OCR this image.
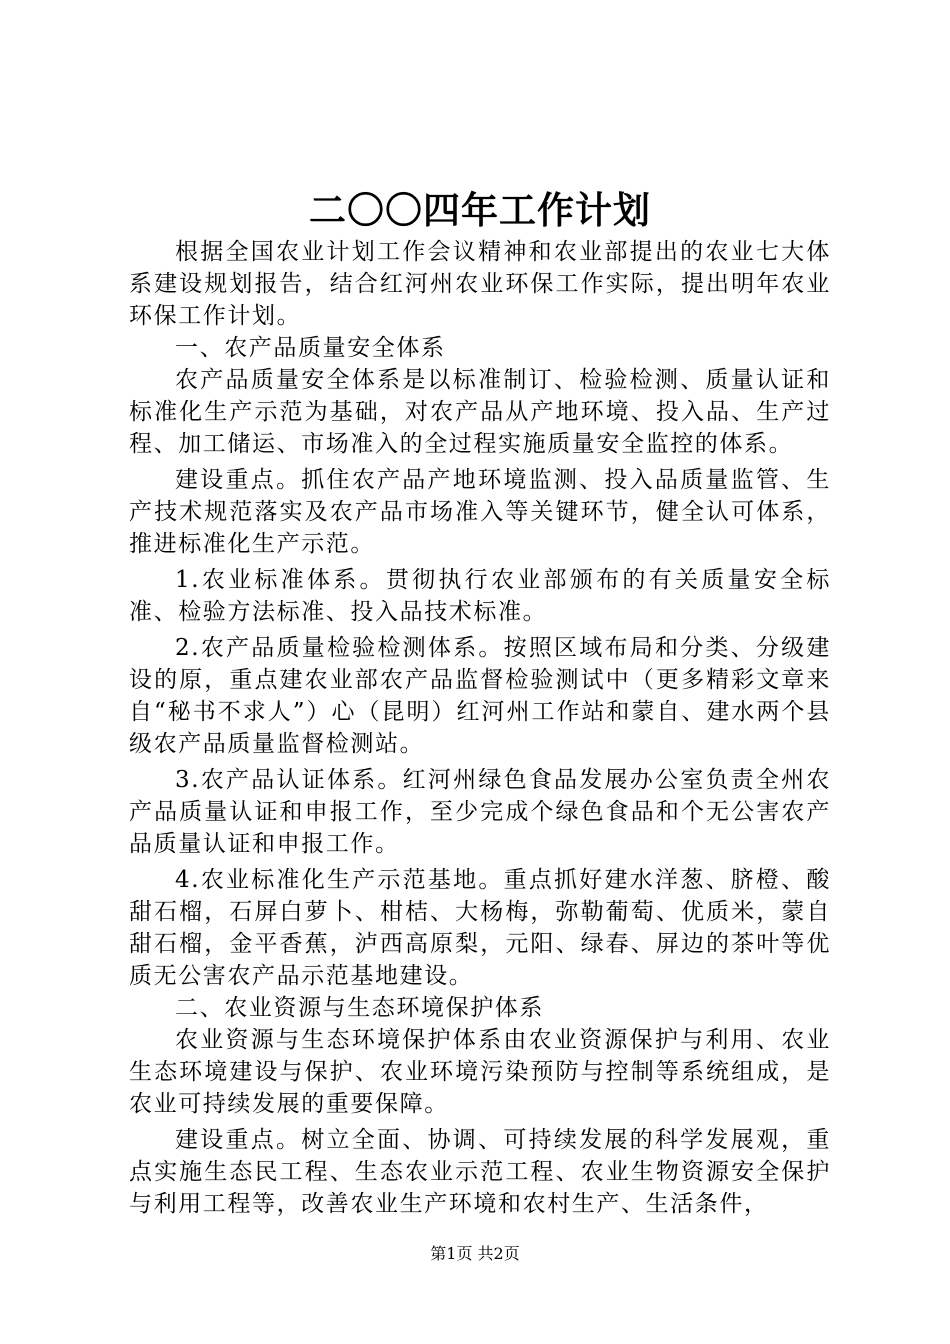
二〇〇四年工作计划

根据全国农业计划工作会议精神和农业部提出的农业七大体系建设规划报告，结合红河州农业环保工作实际，提出明年农业环保工作计划。

一、农产品质量安全体系

农产品质量安全体系是以标准制订、检验检测、质量认证和标准化生产示范为基础，对农产品从产地环境、投入品、生产过程、加工储运、市场准入的全过程实施质量安全监控的体系。

建设重点。抓住农产品产地环境监测、投入品质量监管、生产技术规范落实及农产品市场准入等关键环节，健全认可体系，推进标准化生产示范。

1.农业标准体系。贯彻执行农业部颁布的有关质量安全标准、检验方法标准、投入品技术标准。

2.农产品质量检验检测体系。按照区域布局和分类、分级建设的原，重点建农业部农产品监督检验测试中（更多精彩文章来自“秘书不求人”）心（昆明）红河州工作站和蒙自、建水两个县级农产品质量监督检测站。

3.农产品认证体系。红河州绿色食品发展办公室负责全州农产品质量认证和申报工作，至少完成个绿色食品和个无公害农产品质量认证和申报工作。

4.农业标准化生产示范基地。重点抓好建水洋葱、脐橙、酸甜石榴，石屏白萝卜、柑桔、大杨梅，弥勒葡萄、优质米，蒙自甜石榴，金平香蕉，泸西高原梨，元阳、绿春、屏边的茶叶等优质无公害农产品示范基地建设。

二、农业资源与生态环境保护体系

农业资源与生态环境保护体系由农业资源保护与利用、农业生态环境建设与保护、农业环境污染预防与控制等系统组成，是农业可持续发展的重要保障。

建设重点。树立全面、协调、可持续发展的科学发展观，重点实施生态民工程、生态农业示范工程、农业生物资源安全保护与利用工程等，改善农业生产环境和农村生产、生活条件，

第1页 共2页
